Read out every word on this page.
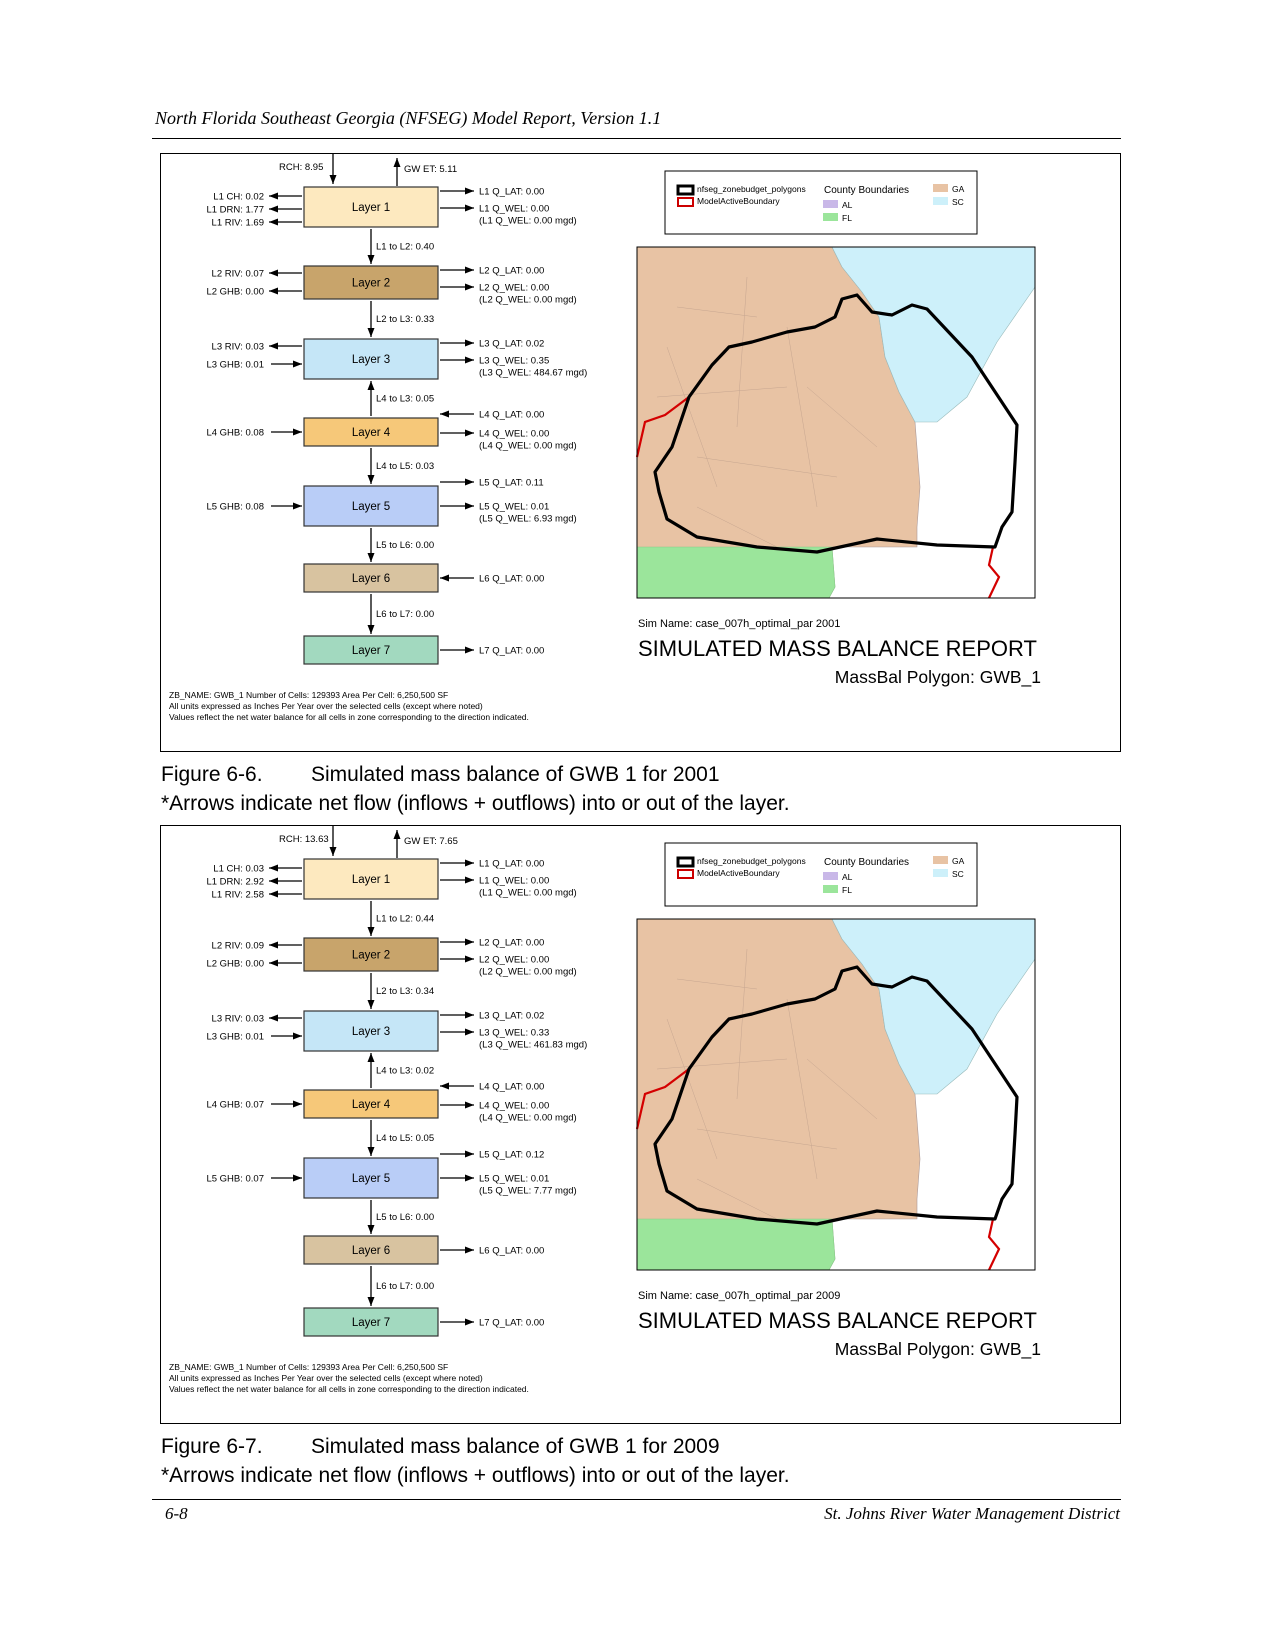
North Florida Southeast Georgia (NFSEG) Model Report, Version 1.1
RCH: 8.95	GW ET: 5.11
Layer 1
L1 CH: 0.02
L1 DRN: 1.77
L1 RIV: 1.69
L1 Q_LAT: 0.00
L1 Q_WEL: 0.00
(L1 Q_WEL: 0.00 mgd)
Layer 2
L2 RIV: 0.07
L2 GHB: 0.00
L2 Q_LAT: 0.00
L2 Q_WEL: 0.00
(L2 Q_WEL: 0.00 mgd)
Layer 3
L3 RIV: 0.03
L3 GHB: 0.01
L3 Q_LAT: 0.02
L3 Q_WEL: 0.35
(L3 Q_WEL: 484.67 mgd)
Layer 4
L4 GHB: 0.08
L4 Q_LAT: 0.00
L4 Q_WEL: 0.00
(L4 Q_WEL: 0.00 mgd)
Layer 5
L5 GHB: 0.08
L5 Q_LAT: 0.11
L5 Q_WEL: 0.01
(L5 Q_WEL: 6.93 mgd)
Layer 6	L6 Q_LAT: 0.00
Layer 7	L7 Q_LAT: 0.00
L1 to L2: 0.40
L2 to L3: 0.33
L4 to L3: 0.05
L4 to L5: 0.03
L5 to L6: 0.00
L6 to L7: 0.00
ZB_NAME: GWB_1 Number of Cells: 129393 Area Per Cell: 6,250,500 SF
All units expressed as Inches Per Year over the selected cells (except where noted)
Values reflect the net water balance for all cells in zone corresponding to the direction indicated.
nfseg_zonebudget_polygons
ModelActiveBoundary
County Boundaries	GA
SC
AL
FL
Sim Name: case_007h_optimal_par 2001
SIMULATED MASS BALANCE REPORT
MassBal Polygon: GWB_1
Figure 6-6. Simulated mass balance of GWB 1 for 2001
*Arrows indicate net flow (inflows + outflows) into or out of the layer.
RCH: 13.63	GW ET: 7.65
Layer 1
L1 CH: 0.03
L1 DRN: 2.92
L1 RIV: 2.58
L1 Q_LAT: 0.00
L1 Q_WEL: 0.00
(L1 Q_WEL: 0.00 mgd)
Layer 2
L2 RIV: 0.09
L2 GHB: 0.00
L2 Q_LAT: 0.00
L2 Q_WEL: 0.00
(L2 Q_WEL: 0.00 mgd)
Layer 3
L3 RIV: 0.03
L3 GHB: 0.01
L3 Q_LAT: 0.02
L3 Q_WEL: 0.33
(L3 Q_WEL: 461.83 mgd)
Layer 4
L4 GHB: 0.07
L4 Q_LAT: 0.00
L4 Q_WEL: 0.00
(L4 Q_WEL: 0.00 mgd)
Layer 5
L5 GHB: 0.07
L5 Q_LAT: 0.12
L5 Q_WEL: 0.01
(L5 Q_WEL: 7.77 mgd)
Layer 6	L6 Q_LAT: 0.00
Layer 7	L7 Q_LAT: 0.00
L1 to L2: 0.44
L2 to L3: 0.34
L4 to L3: 0.02
L4 to L5: 0.05
L5 to L6: 0.00
L6 to L7: 0.00
ZB_NAME: GWB_1 Number of Cells: 129393 Area Per Cell: 6,250,500 SF
All units expressed as Inches Per Year over the selected cells (except where noted)
Values reflect the net water balance for all cells in zone corresponding to the direction indicated.
nfseg_zonebudget_polygons
ModelActiveBoundary
County Boundaries	GA
SC
AL
FL
Sim Name: case_007h_optimal_par 2009
SIMULATED MASS BALANCE REPORT
MassBal Polygon: GWB_1
Figure 6-7. Simulated mass balance of GWB 1 for 2009
*Arrows indicate net flow (inflows + outflows) into or out of the layer.
6-8	St. Johns River Water Management District
